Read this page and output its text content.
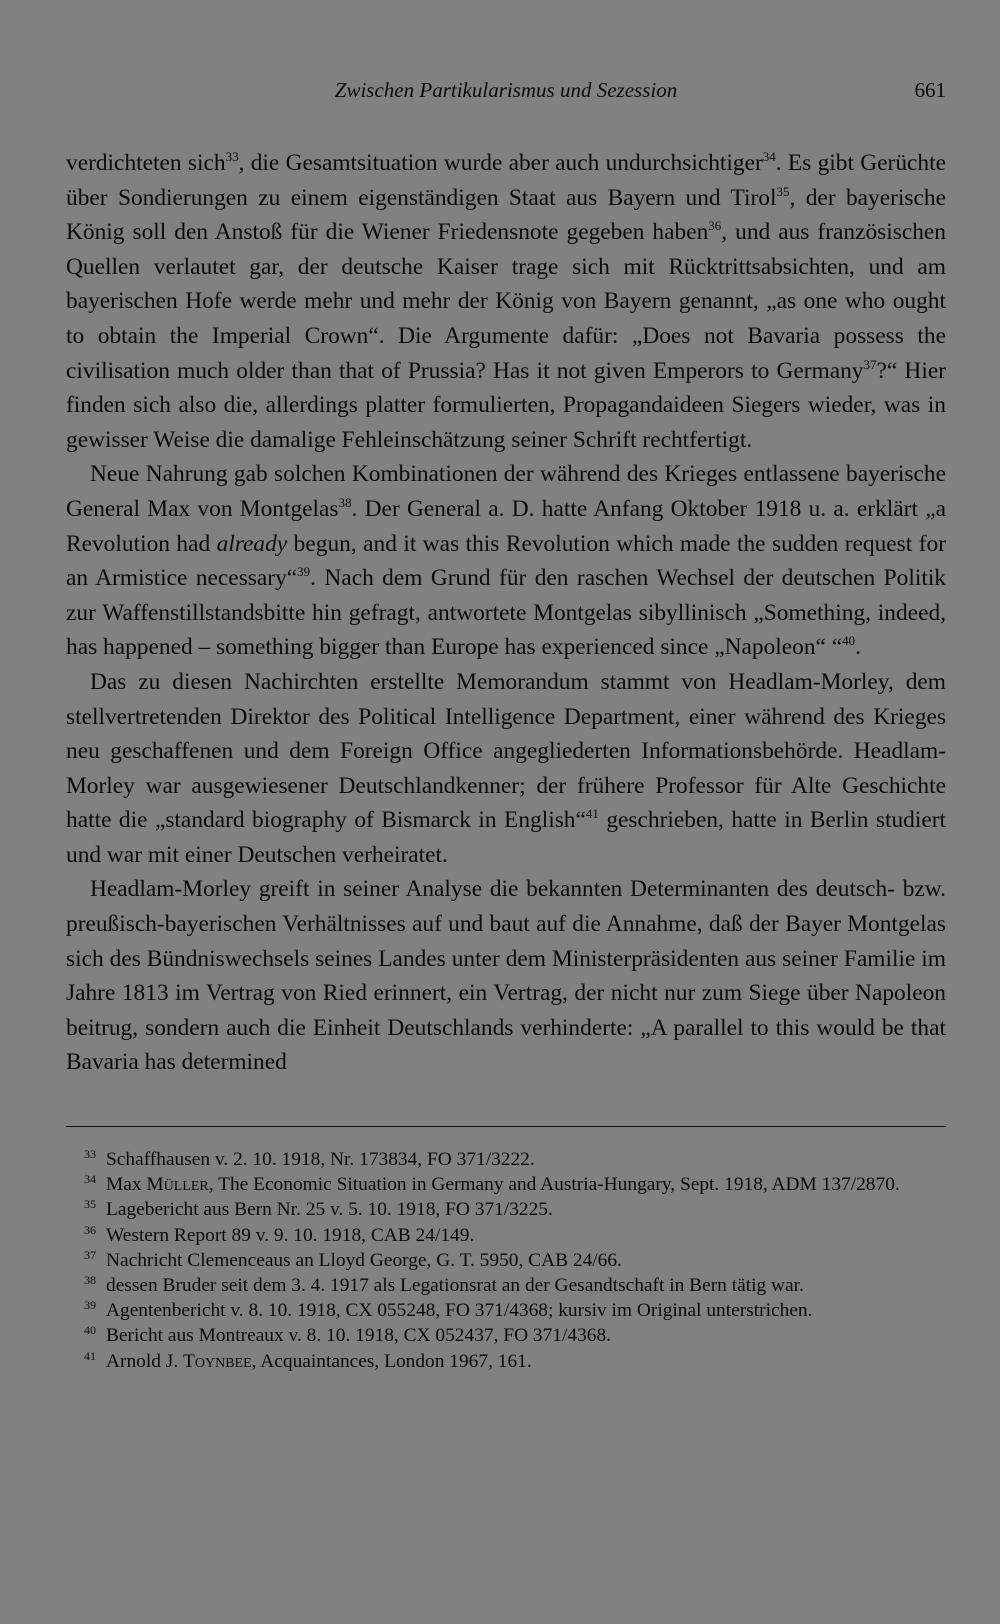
Zwischen Partikularismus und Sezession	661

verdichteten sich$^{33}$, die Gesamtsituation wurde aber auch undurchsichtiger$^{34}$. Es gibt Gerüchte über Sondierungen zu einem eigenständigen Staat aus Bayern und Tirol$^{35}$, der bayerische König soll den Anstoß für die Wiener Friedensnote gegeben haben$^{36}$, und aus französischen Quellen verlautet gar, der deutsche Kaiser trage sich mit Rücktrittsabsichten, und am bayerischen Hofe werde mehr und mehr der König von Bayern genannt, „as one who ought to obtain the Imperial Crown“. Die Argumente dafür: „Does not Bavaria possess the civilisation much older than that of Prussia? Has it not given Emperors to Germany$^{37}$?“ Hier finden sich also die, allerdings platter formulierten, Propagandaideen Siegers wieder, was in gewisser Weise die damalige Fehleinschätzung seiner Schrift rechtfertigt.

Neue Nahrung gab solchen Kombinationen der während des Krieges entlassene bayerische General Max von Montgelas$^{38}$. Der General a. D. hatte Anfang Oktober 1918 u. a. erklärt „a Revolution had already begun, and it was this Revolution which made the sudden request for an Armistice necessary“$^{39}$. Nach dem Grund für den raschen Wechsel der deutschen Politik zur Waffenstillstandsbitte hin gefragt, antwortete Montgelas sibyllinisch „Something, indeed, has happened – something bigger than Europe has experienced since „Napoleon“ “$^{40}$.

Das zu diesen Nachirchten erstellte Memorandum stammt von Headlam-Morley, dem stellvertretenden Direktor des Political Intelligence Department, einer während des Krieges neu geschaffenen und dem Foreign Office angegliederten Informationsbehörde. Headlam-Morley war ausgewiesener Deutschlandkenner; der frühere Professor für Alte Geschichte hatte die „standard biography of Bismarck in English“$^{41}$ geschrieben, hatte in Berlin studiert und war mit einer Deutschen verheiratet.

Headlam-Morley greift in seiner Analyse die bekannten Determinanten des deutsch- bzw. preußisch-bayerischen Verhältnisses auf und baut auf die Annahme, daß der Bayer Montgelas sich des Bündniswechsels seines Landes unter dem Ministerpräsidenten aus seiner Familie im Jahre 1813 im Vertrag von Ried erinnert, ein Vertrag, der nicht nur zum Siege über Napoleon beitrug, sondern auch die Einheit Deutschlands verhinderte: „A parallel to this would be that Bavaria has determined

$^{33}$ Schaffhausen v. 2. 10. 1918, Nr. 173834, FO 371/3222.

$^{34}$ Max Müller, The Economic Situation in Germany and Austria-Hungary, Sept. 1918, ADM 137/2870.

$^{35}$ Lagebericht aus Bern Nr. 25 v. 5. 10. 1918, FO 371/3225.

$^{36}$ Western Report 89 v. 9. 10. 1918, CAB 24/149.

$^{37}$ Nachricht Clemenceaus an Lloyd George, G. T. 5950, CAB 24/66.

$^{38}$ dessen Bruder seit dem 3. 4. 1917 als Legationsrat an der Gesandtschaft in Bern tätig war.

$^{39}$ Agentenbericht v. 8. 10. 1918, CX 055248, FO 371/4368; kursiv im Original unterstrichen.

$^{40}$ Bericht aus Montreaux v. 8. 10. 1918, CX 052437, FO 371/4368.

$^{41}$ Arnold J. Toynbee, Acquaintances, London 1967, 161.
